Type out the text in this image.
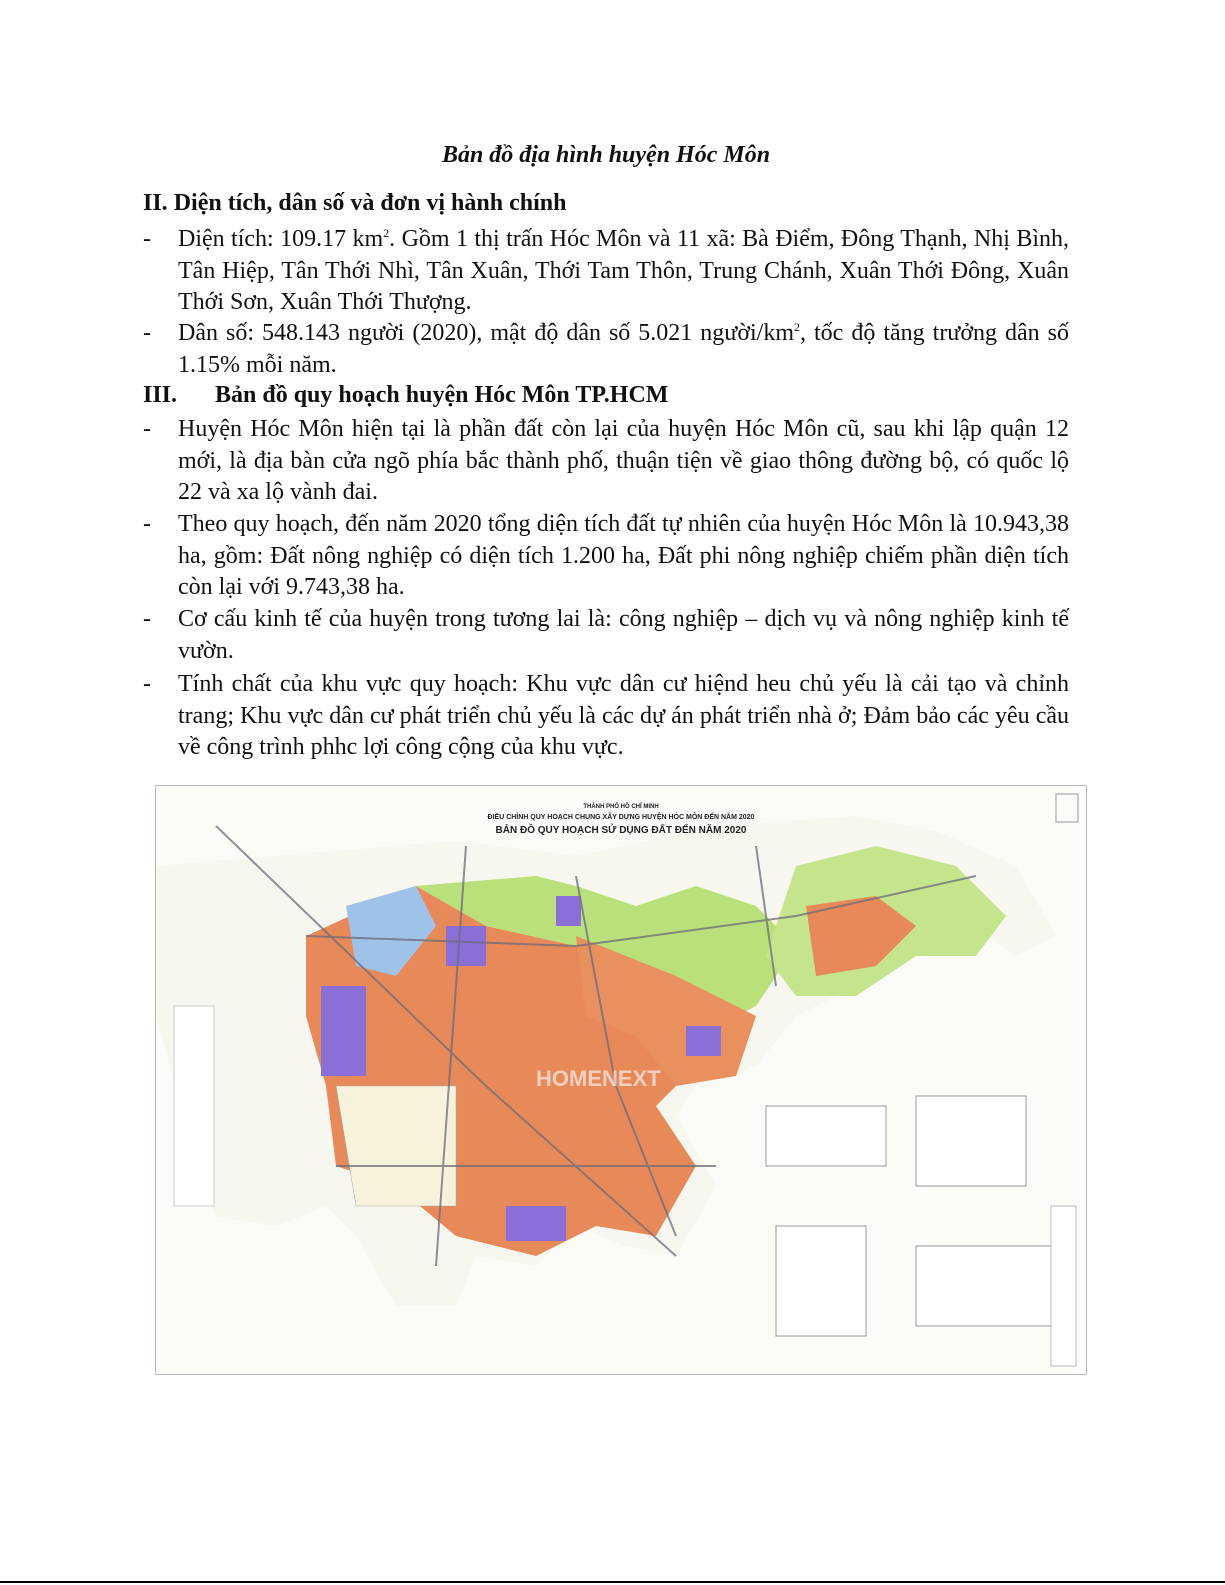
Bản đồ địa hình huyện Hóc Môn
II. Diện tích, dân số và đơn vị hành chính
- Diện tích: 109.17 $km^2$. Gồm 1 thị trấn Hóc Môn và 11 xã: Bà Điểm, Đông Thạnh, Nhị Bình, Tân Hiệp, Tân Thới Nhì, Tân Xuân, Thới Tam Thôn, Trung Chánh, Xuân Thới Đông, Xuân Thới Sơn, Xuân Thới Thượng.
- Dân số: 548.143 người (2020), mật độ dân số 5.021 người/$km^2$, tốc độ tăng trưởng dân số 1.15% mỗi năm.
III. Bản đồ quy hoạch huyện Hóc Môn TP.HCM
- Huyện Hóc Môn hiện tại là phần đất còn lại của huyện Hóc Môn cũ, sau khi lập quận 12 mới, là địa bàn cửa ngõ phía bắc thành phố, thuận tiện về giao thông đường bộ, có quốc lộ 22 và xa lộ vành đai.
- Theo quy hoạch, đến năm 2020 tổng diện tích đất tự nhiên của huyện Hóc Môn là 10.943,38 ha, gồm: Đất nông nghiệp có diện tích 1.200 ha, Đất phi nông nghiệp chiếm phần diện tích còn lại với 9.743,38 ha.
- Cơ cấu kinh tế của huyện trong tương lai là: công nghiệp – dịch vụ và nông nghiệp kinh tế vườn.
- Tính chất của khu vực quy hoạch: Khu vực dân cư hiệnd heu chủ yếu là cải tạo và chỉnh trang; Khu vực dân cư phát triển chủ yếu là các dự án phát triển nhà ở; Đảm bảo các yêu cầu về công trình phhc lợi công cộng của khu vực.
THÀNH PHỐ HỒ CHÍ MINH
ĐIỀU CHỈNH QUY HOẠCH CHUNG XÂY DỰNG HUYỆN HÓC MÔN ĐẾN NĂM 2020
BẢN ĐỒ QUY HOẠCH SỬ DỤNG ĐẤT ĐẾN NĂM 2020
HOMENEXT
